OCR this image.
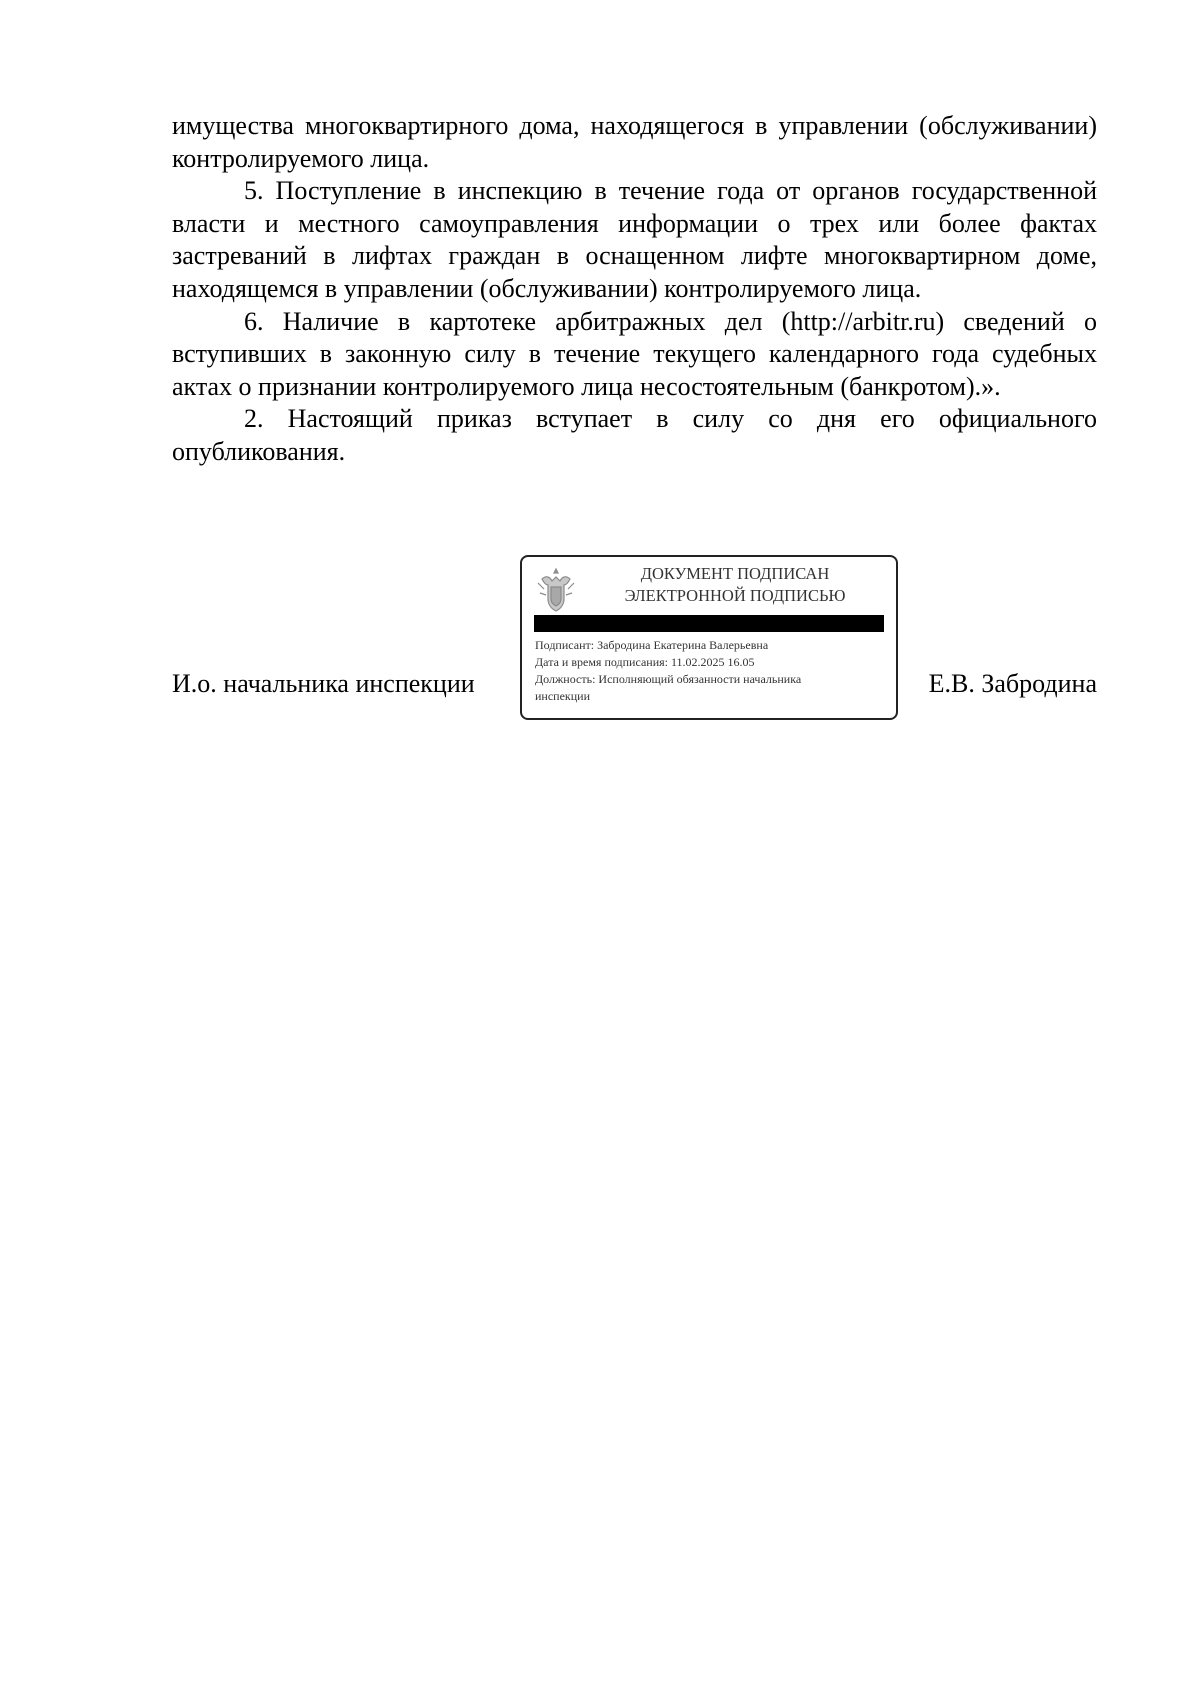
имущества многоквартирного дома, находящегося в управлении (обслуживании) контролируемого лица.

5. Поступление в инспекцию в течение года от органов государственной власти и местного самоуправления информации о трех или более фактах застреваний в лифтах граждан в оснащенном лифте многоквартирном доме, находящемся в управлении (обслуживании) контролируемого лица.

6. Наличие в картотеке арбитражных дел (http://arbitr.ru) сведений о вступивших в законную силу в течение текущего календарного года судебных актах о признании контролируемого лица несостоятельным (банкротом).».

2. Настоящий приказ вступает в силу со дня его официального опубликования.

И.о. начальника инспекции
ДОКУМЕНТ ПОДПИСАН
ЭЛЕКТРОННОЙ ПОДПИСЬЮ
Подписант: Забродина Екатерина Валерьевна
Дата и время подписания: 11.02.2025 16.05
Должность: Исполняющий обязанности начальника
инспекции	Е.В. Забродина
